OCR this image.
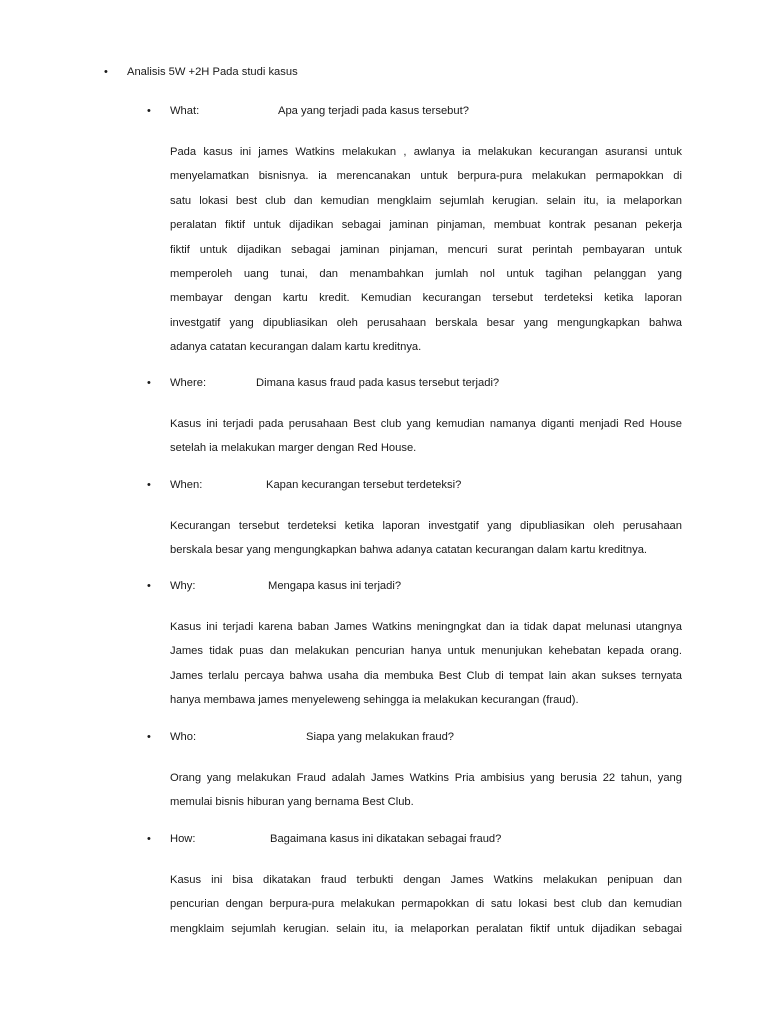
• Analisis 5W +2H Pada studi kasus
• What:	Apa yang terjadi pada kasus tersebut?
Pada kasus ini james Watkins melakukan , awlanya ia melakukan kecurangan asuransi untuk
menyelamatkan bisnisnya. ia merencanakan untuk berpura-pura melakukan permapokkan di
satu lokasi best club dan kemudian mengklaim sejumlah kerugian. selain itu, ia melaporkan
peralatan fiktif untuk dijadikan sebagai jaminan pinjaman, membuat kontrak pesanan pekerja
fiktif untuk dijadikan sebagai jaminan pinjaman, mencuri surat perintah pembayaran untuk
memperoleh uang tunai, dan menambahkan jumlah nol untuk tagihan pelanggan yang
membayar dengan kartu kredit. Kemudian kecurangan tersebut terdeteksi ketika laporan
investgatif yang dipubliasikan oleh perusahaan berskala besar yang mengungkapkan bahwa
adanya catatan kecurangan dalam kartu kreditnya.
• Where:	Dimana kasus fraud pada kasus tersebut terjadi?
Kasus ini terjadi pada perusahaan Best club yang kemudian namanya diganti menjadi Red House
setelah ia melakukan marger dengan Red House.
• When:	Kapan kecurangan tersebut terdeteksi?
Kecurangan tersebut terdeteksi ketika laporan investgatif yang dipubliasikan oleh perusahaan
berskala besar yang mengungkapkan bahwa adanya catatan kecurangan dalam kartu kreditnya.
• Why:	Mengapa kasus ini terjadi?
Kasus ini terjadi karena baban James Watkins meningngkat dan ia tidak dapat melunasi utangnya
James tidak puas dan melakukan pencurian hanya untuk menunjukan kehebatan kepada orang.
James terlalu percaya bahwa usaha dia membuka Best Club di tempat lain akan sukses ternyata
hanya membawa james menyeleweng sehingga ia melakukan kecurangan (fraud).
• Who:	Siapa yang melakukan fraud?
Orang yang melakukan Fraud adalah James Watkins Pria ambisius yang berusia 22 tahun, yang
memulai bisnis hiburan yang bernama Best Club.
• How:	Bagaimana kasus ini dikatakan sebagai fraud?
Kasus ini bisa dikatakan fraud terbukti dengan James Watkins melakukan penipuan dan
pencurian dengan berpura-pura melakukan permapokkan di satu lokasi best club dan kemudian
mengklaim sejumlah kerugian. selain itu, ia melaporkan peralatan fiktif untuk dijadikan sebagai
